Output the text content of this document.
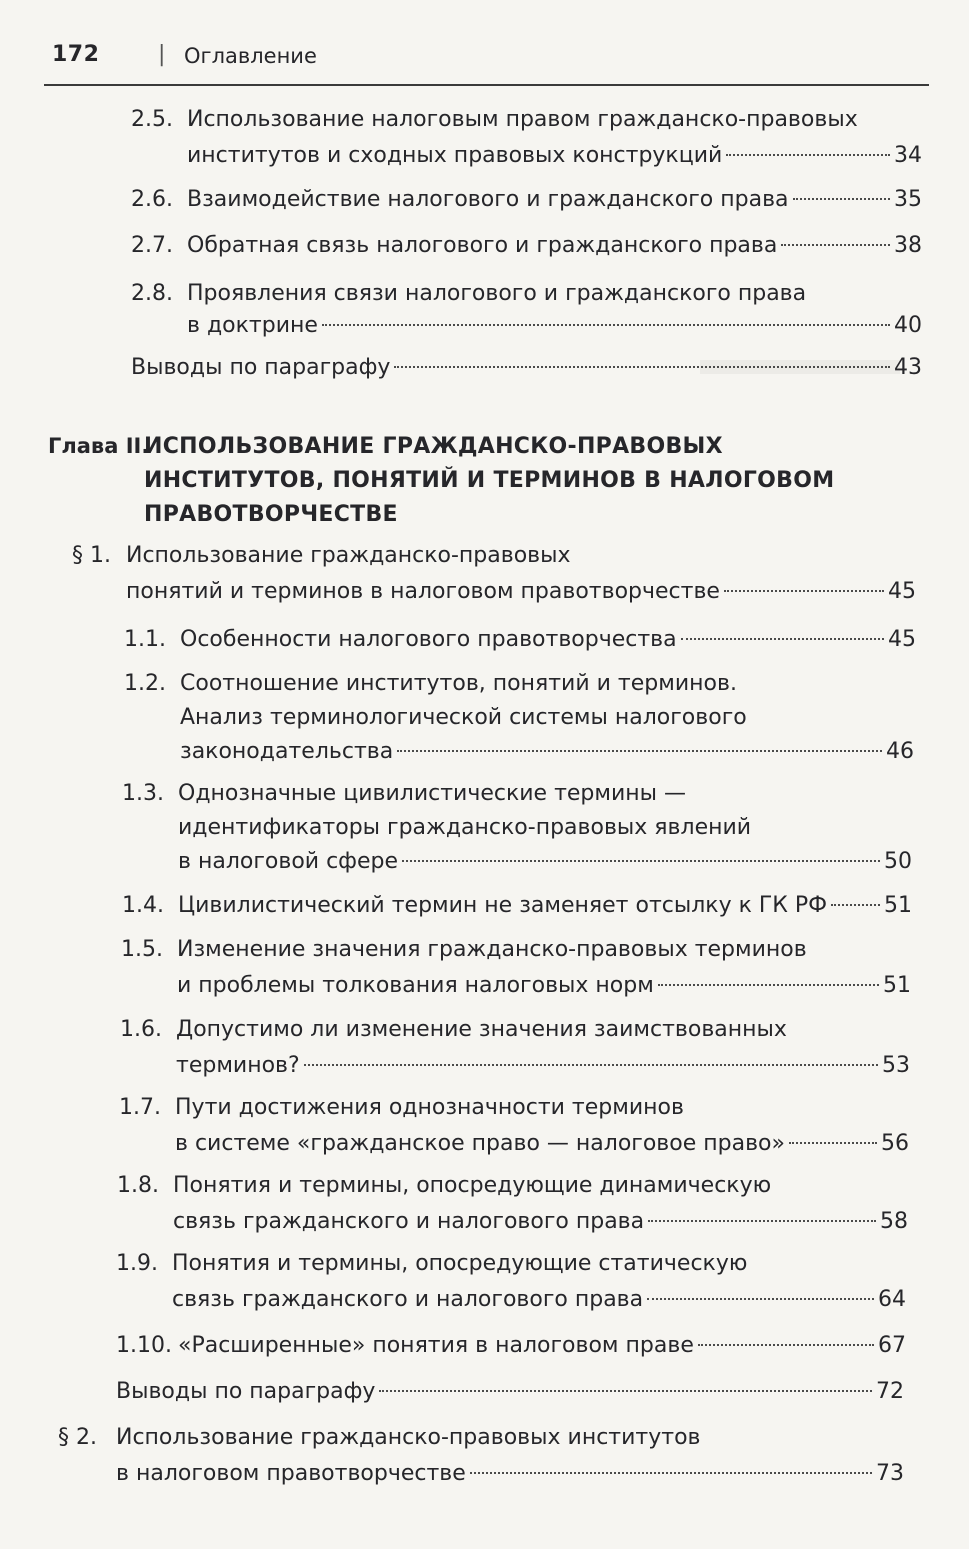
172	| Оглавление
2.5. Использование налоговым правом гражданско-правовых
институтов и сходных правовых конструкций	34
2.6. Взаимодействие налогового и гражданского права	35
2.7. Обратная связь налогового и гражданского права	38
2.8. Проявления связи налогового и гражданского права
в доктрине	40
Выводы по параграфу	43
Глава II.
ИСПОЛЬЗОВАНИЕ ГРАЖДАНСКО-ПРАВОВЫХ
ИНСТИТУТОВ, ПОНЯТИЙ И ТЕРМИНОВ В НАЛОГОВОМ
ПРАВОТВОРЧЕСТВЕ
§ 1. Использование гражданско-правовых
понятий и терминов в налоговом правотворчестве	45
1.1. Особенности налогового правотворчества	45
1.2. Соотношение институтов, понятий и терминов.
Анализ терминологической системы налогового
законодательства	46
1.3. Однозначные цивилистические термины —
идентификаторы гражданско-правовых явлений
в налоговой сфере	50
1.4. Цивилистический термин не заменяет отсылку к ГК РФ	51
1.5. Изменение значения гражданско-правовых терминов
и проблемы толкования налоговых норм	51
1.6. Допустимо ли изменение значения заимствованных
терминов?	53
1.7. Пути достижения однозначности терминов
в системе «гражданское право — налоговое право»	56
1.8. Понятия и термины, опосредующие динамическую
связь гражданского и налогового права	58
1.9. Понятия и термины, опосредующие статическую
связь гражданского и налогового права	64
1.10. «Расширенные» понятия в налоговом праве	67
Выводы по параграфу	72
§ 2. Использование гражданско-правовых институтов
в налоговом правотворчестве	73
